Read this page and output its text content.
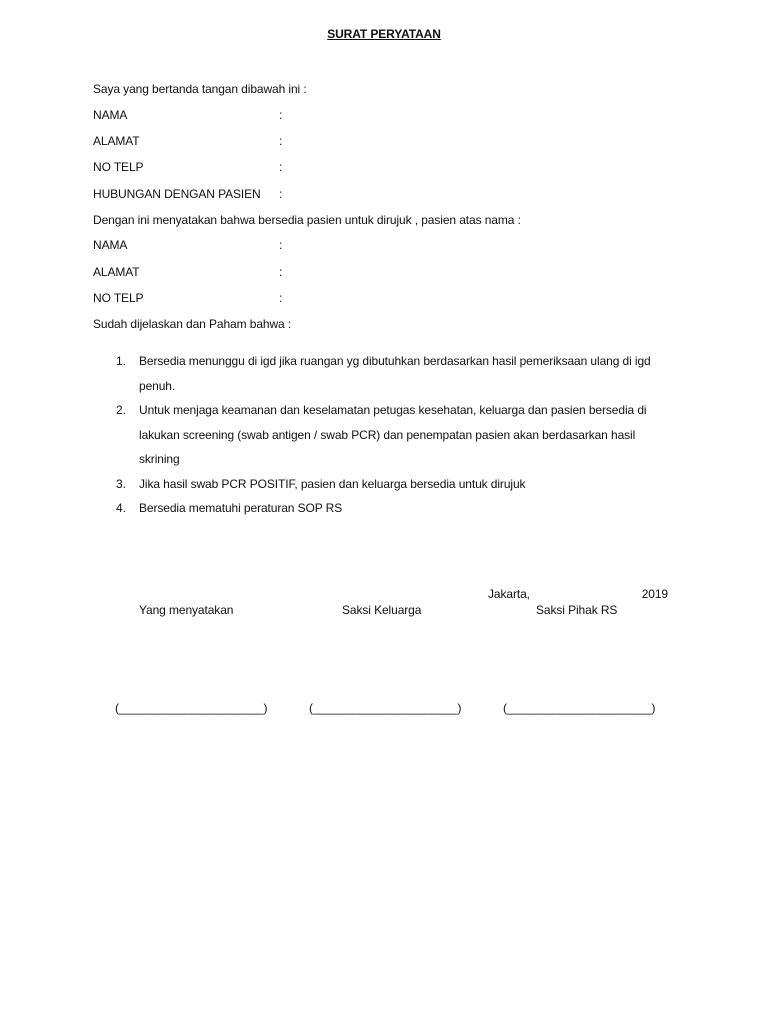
SURAT PERYATAAN
Saya yang bertanda tangan dibawah ini :
NAMA	:
ALAMAT	:
NO TELP	:
HUBUNGAN DENGAN PASIEN :
Dengan ini menyatakan bahwa bersedia pasien untuk dirujuk , pasien atas nama :
NAMA	:
ALAMAT	:
NO TELP	:
Sudah dijelaskan dan Paham bahwa :
1. Bersedia menunggu di igd jika ruangan yg dibutuhkan berdasarkan hasil pemeriksaan ulang di igd penuh.
2. Untuk menjaga keamanan dan keselamatan petugas kesehatan, keluarga dan pasien bersedia di lakukan screening (swab antigen / swab PCR) dan penempatan pasien akan berdasarkan hasil skrining
3. Jika hasil swab PCR POSITIF, pasien dan keluarga bersedia untuk dirujuk
4. Bersedia mematuhi peraturan SOP RS
Jakarta,	2019
Yang menyatakan	Saksi Keluarga	Saksi Pihak RS
(______________________)	(______________________)	(______________________)
